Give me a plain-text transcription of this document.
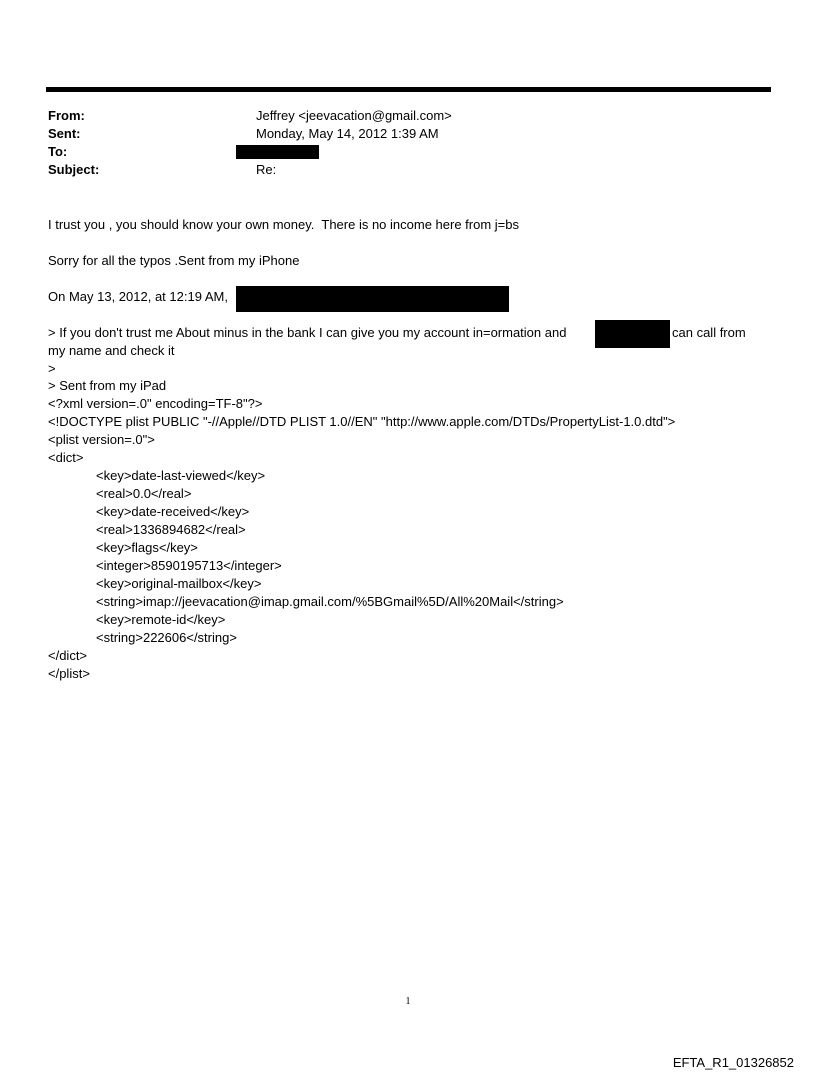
From:	Jeffrey <jeevacation@gmail.com>
Sent:	Monday, May 14, 2012 1:39 AM
To:
Subject:	Re:
I trust you , you should know your own money.  There is no income here from j=bs
Sorry for all the typos .Sent from my iPhone
On May 13, 2012, at 12:19 AM,
> If you don't trust me About minus in the bank I can give you my account in=ormation and	can call from
my name and check it
>
> Sent from my iPad
<?xml version=.0" encoding=TF-8"?>
<!DOCTYPE plist PUBLIC "-//Apple//DTD PLIST 1.0//EN" "http://www.apple.com/DTDs/PropertyList-1.0.dtd">
<plist version=.0">
<dict>
<key>date-last-viewed</key>
<real>0.0</real>
<key>date-received</key>
<real>1336894682</real>
<key>flags</key>
<integer>8590195713</integer>
<key>original-mailbox</key>
<string>imap://jeevacation@imap.gmail.com/%5BGmail%5D/All%20Mail</string>
<key>remote-id</key>
<string>222606</string>
</dict>
</plist>
1
EFTA_R1_01326852
